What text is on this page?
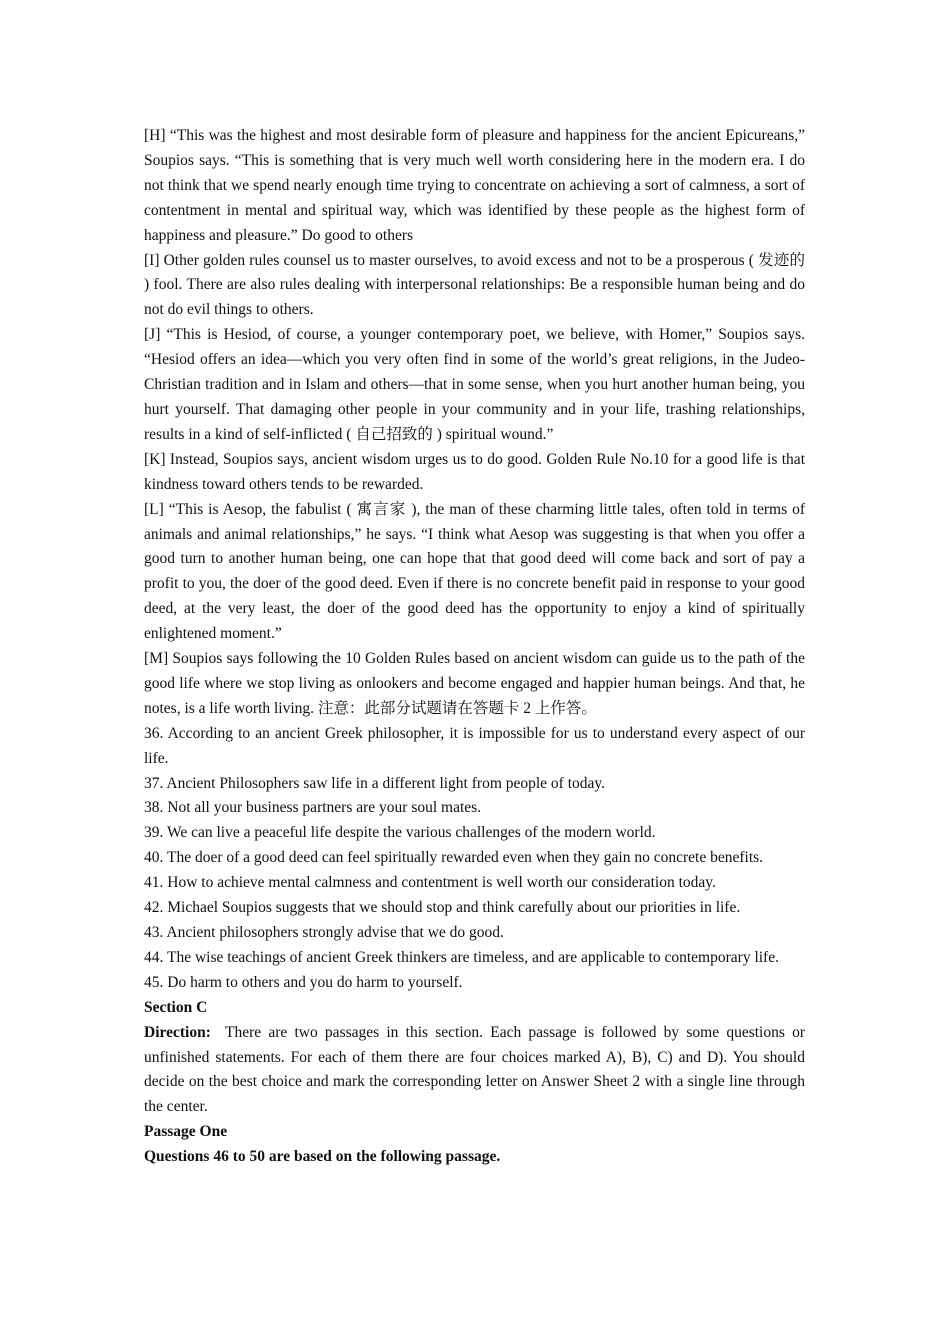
[H] “This was the highest and most desirable form of pleasure and happiness for the ancient Epicureans,” Soupios says. “This is something that is very much well worth considering here in the modern era. I do not think that we spend nearly enough time trying to concentrate on achieving a sort of calmness, a sort of contentment in mental and spiritual way, which was identified by these people as the highest form of happiness and pleasure.” Do good to others

[I] Other golden rules counsel us to master ourselves, to avoid excess and not to be a prosperous ( 发迹的 ) fool. There are also rules dealing with interpersonal relationships: Be a responsible human being and do not do evil things to others.

[J] “This is Hesiod, of course, a younger contemporary poet, we believe, with Homer,” Soupios says. “Hesiod offers an idea—which you very often find in some of the world’s great religions, in the Judeo-Christian tradition and in Islam and others—that in some sense, when you hurt another human being, you hurt yourself. That damaging other people in your community and in your life, trashing relationships, results in a kind of self-inflicted ( 自己招致的 ) spiritual wound.”

[K] Instead, Soupios says, ancient wisdom urges us to do good. Golden Rule No.10 for a good life is that kindness toward others tends to be rewarded.

[L] “This is Aesop, the fabulist ( 寓言家 ), the man of these charming little tales, often told in terms of animals and animal relationships,” he says. “I think what Aesop was suggesting is that when you offer a good turn to another human being, one can hope that that good deed will come back and sort of pay a profit to you, the doer of the good deed. Even if there is no concrete benefit paid in response to your good deed, at the very least, the doer of the good deed has the opportunity to enjoy a kind of spiritually enlightened moment.”

[M] Soupios says following the 10 Golden Rules based on ancient wisdom can guide us to the path of the good life where we stop living as onlookers and become engaged and happier human beings. And that, he notes, is a life worth living. 注意：此部分试题请在答题卡 2 上作答。

36. According to an ancient Greek philosopher, it is impossible for us to understand every aspect of our life.

37. Ancient Philosophers saw life in a different light from people of today.

38. Not all your business partners are your soul mates.

39. We can live a peaceful life despite the various challenges of the modern world.

40. The doer of a good deed can feel spiritually rewarded even when they gain no concrete benefits.

41. How to achieve mental calmness and contentment is well worth our consideration today.

42. Michael Soupios suggests that we should stop and think carefully about our priorities in life.

43. Ancient philosophers strongly advise that we do good.

44. The wise teachings of ancient Greek thinkers are timeless, and are applicable to contemporary life.

45. Do harm to others and you do harm to yourself.

Section C

Direction: There are two passages in this section. Each passage is followed by some questions or unfinished statements. For each of them there are four choices marked A), B), C) and D). You should decide on the best choice and mark the corresponding letter on Answer Sheet 2 with a single line through the center.

Passage One

Questions 46 to 50 are based on the following passage.
